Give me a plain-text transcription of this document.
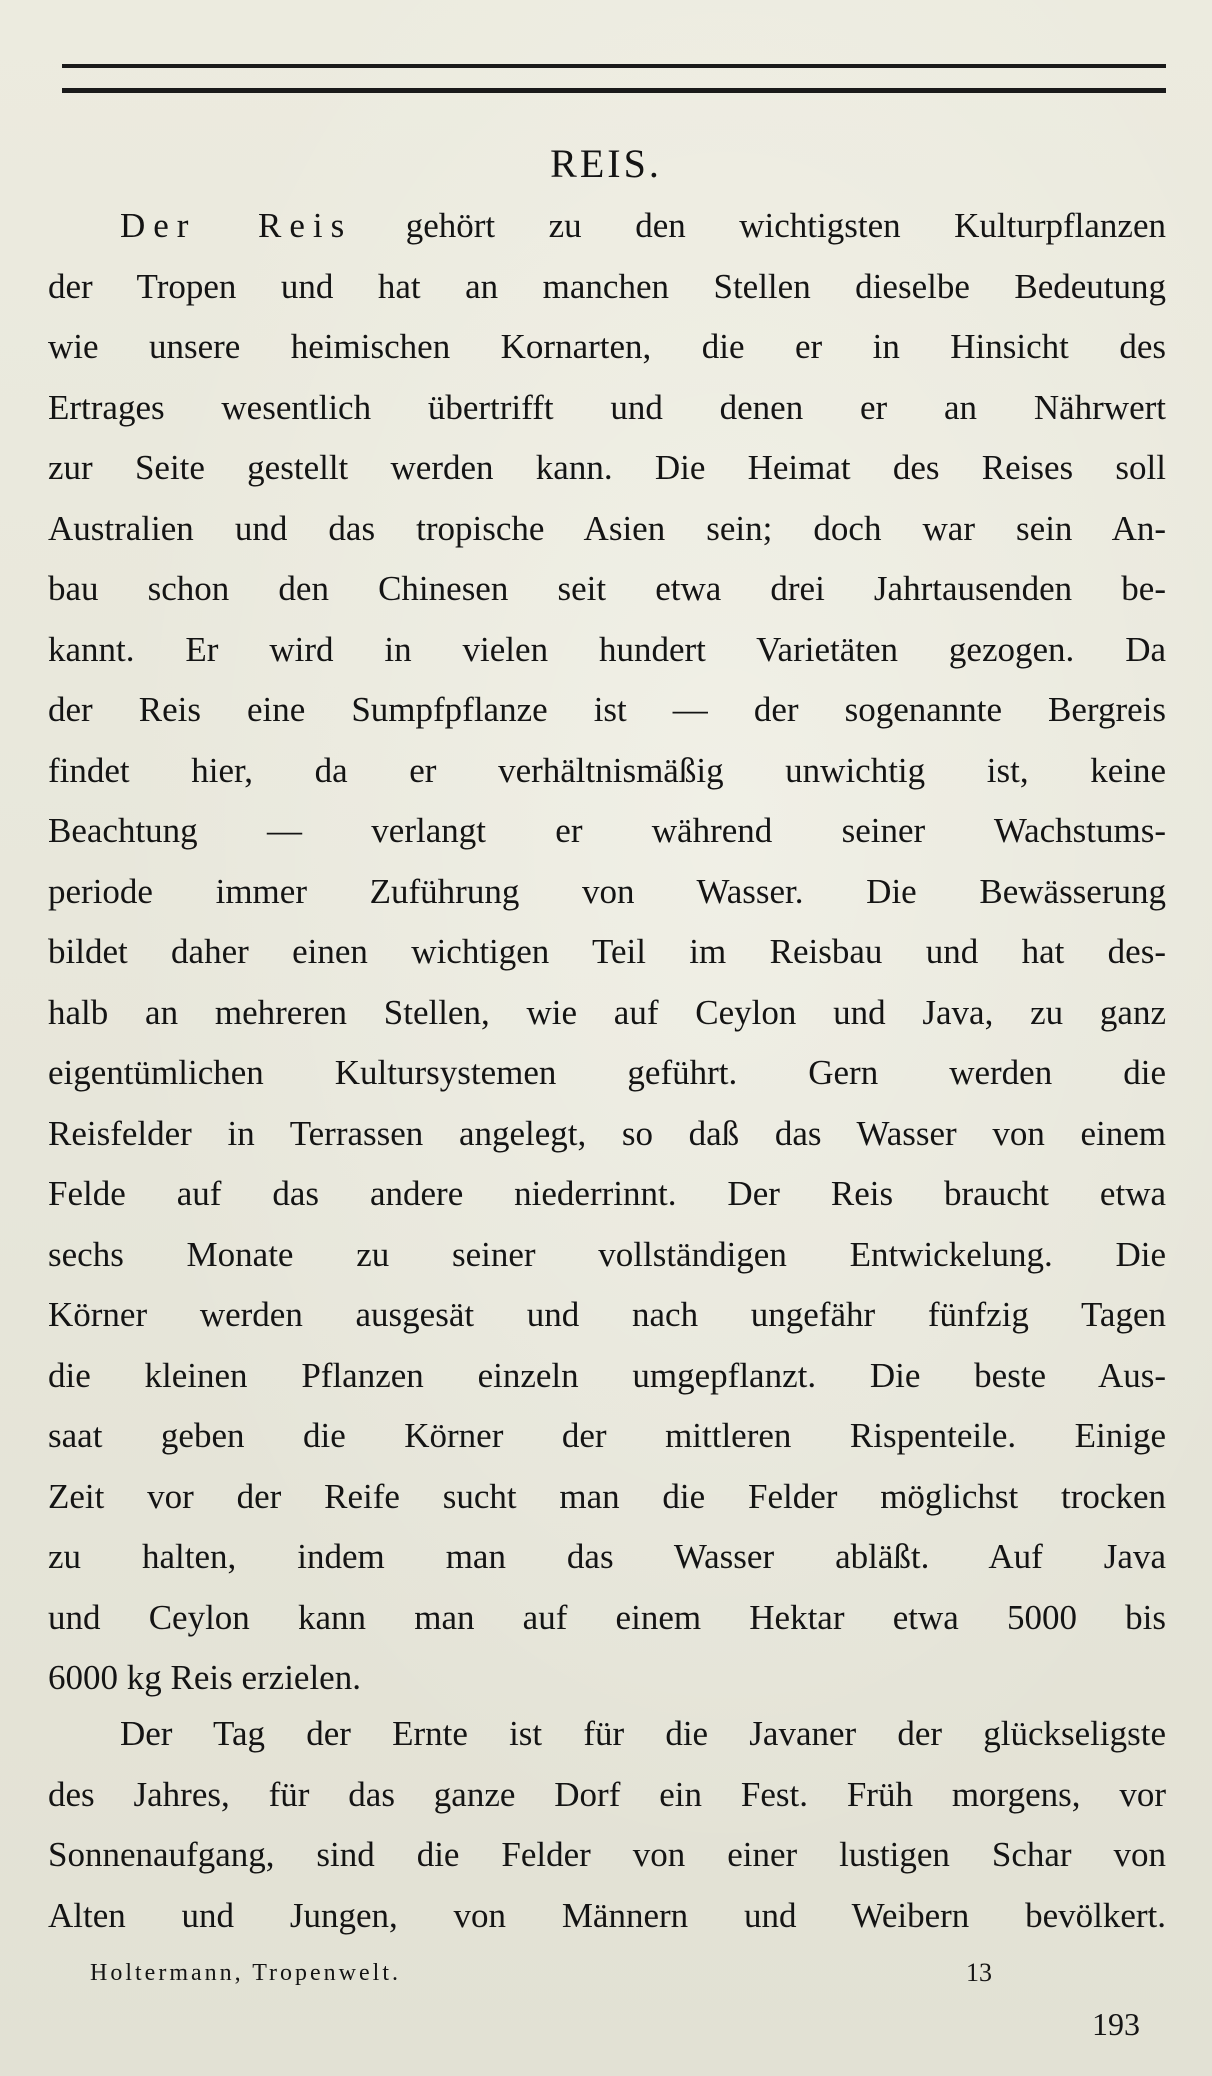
REIS.
Der Reis gehört zu den wichtigsten Kulturpflanzen
der Tropen und hat an manchen Stellen dieselbe Bedeutung
wie unsere heimischen Kornarten, die er in Hinsicht des
Ertrages wesentlich übertrifft und denen er an Nährwert
zur Seite gestellt werden kann. Die Heimat des Reises soll
Australien und das tropische Asien sein; doch war sein An-
bau schon den Chinesen seit etwa drei Jahrtausenden be-
kannt. Er wird in vielen hundert Varietäten gezogen. Da
der Reis eine Sumpfpflanze ist — der sogenannte Bergreis
findet hier, da er verhältnismäßig unwichtig ist, keine
Beachtung — verlangt er während seiner Wachstums-
periode immer Zuführung von Wasser. Die Bewässerung
bildet daher einen wichtigen Teil im Reisbau und hat des-
halb an mehreren Stellen, wie auf Ceylon und Java, zu ganz
eigentümlichen Kultursystemen geführt. Gern werden die
Reisfelder in Terrassen angelegt, so daß das Wasser von einem
Felde auf das andere niederrinnt. Der Reis braucht etwa
sechs Monate zu seiner vollständigen Entwickelung. Die
Körner werden ausgesät und nach ungefähr fünfzig Tagen
die kleinen Pflanzen einzeln umgepflanzt. Die beste Aus-
saat geben die Körner der mittleren Rispenteile. Einige
Zeit vor der Reife sucht man die Felder möglichst trocken
zu halten, indem man das Wasser abläßt. Auf Java
und Ceylon kann man auf einem Hektar etwa 5000 bis
6000 kg Reis erzielen.
Der Tag der Ernte ist für die Javaner der glückseligste
des Jahres, für das ganze Dorf ein Fest. Früh morgens, vor
Sonnenaufgang, sind die Felder von einer lustigen Schar von
Alten und Jungen, von Männern und Weibern bevölkert.
Holtermann, Tropenwelt.	13
193
